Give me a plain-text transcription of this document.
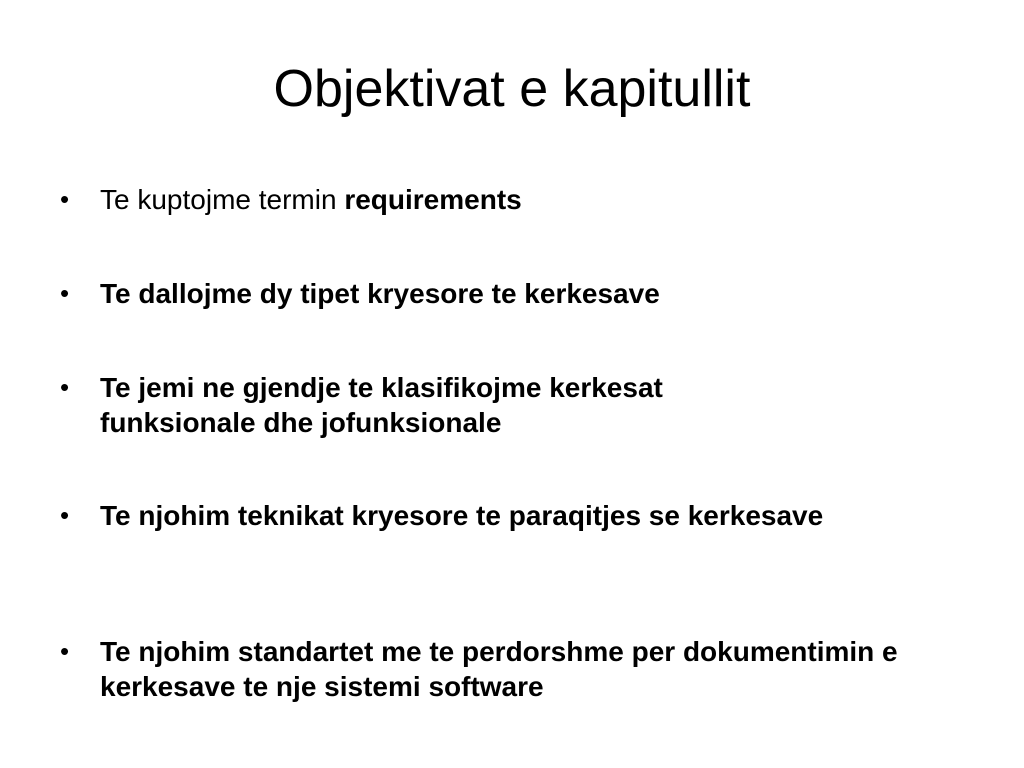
Objektivat e kapitullit
•	Te kuptojme termin requirements
•	Te dallojme dy tipet kryesore te kerkesave
•	Te jemi ne gjendje te klasifikojme kerkesat funksionale dhe jofunksionale
•	Te njohim teknikat kryesore te paraqitjes se kerkesave
•	Te njohim standartet me te perdorshme per dokumentimin e kerkesave te nje sistemi software
